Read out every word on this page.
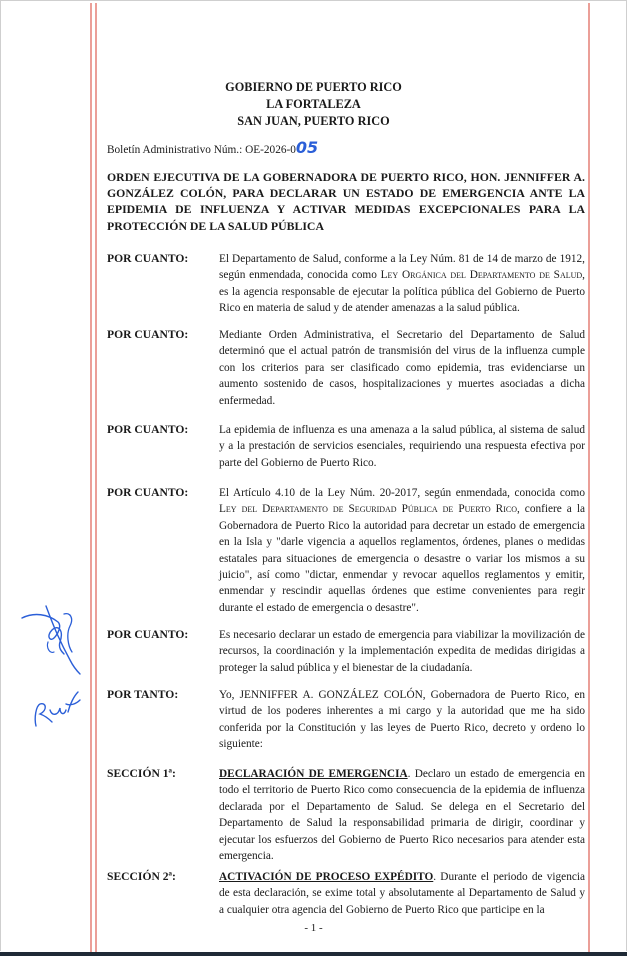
GOBIERNO DE PUERTO RICO
LA FORTALEZA
SAN JUAN, PUERTO RICO
Boletín Administrativo Núm.: OE-2026-005
ORDEN EJECUTIVA DE LA GOBERNADORA DE PUERTO RICO, HON. JENNIFFER A. GONZÁLEZ COLÓN, PARA DECLARAR UN ESTADO DE EMERGENCIA ANTE LA EPIDEMIA DE INFLUENZA Y ACTIVAR MEDIDAS EXCEPCIONALES PARA LA PROTECCIÓN DE LA SALUD PÚBLICA
POR CUANTO:	El Departamento de Salud, conforme a la Ley Núm. 81 de 14 de marzo de 1912, según enmendada, conocida como Ley Orgánica del Departamento de Salud, es la agencia responsable de ejecutar la política pública del Gobierno de Puerto Rico en materia de salud y de atender amenazas a la salud pública.
POR CUANTO:	Mediante Orden Administrativa, el Secretario del Departamento de Salud determinó que el actual patrón de transmisión del virus de la influenza cumple con los criterios para ser clasificado como epidemia, tras evidenciarse un aumento sostenido de casos, hospitalizaciones y muertes asociadas a dicha enfermedad.
POR CUANTO:	La epidemia de influenza es una amenaza a la salud pública, al sistema de salud y a la prestación de servicios esenciales, requiriendo una respuesta efectiva por parte del Gobierno de Puerto Rico.
POR CUANTO:	El Artículo 4.10 de la Ley Núm. 20-2017, según enmendada, conocida como Ley del Departamento de Seguridad Pública de Puerto Rico, confiere a la Gobernadora de Puerto Rico la autoridad para decretar un estado de emergencia en la Isla y "darle vigencia a aquellos reglamentos, órdenes, planes o medidas estatales para situaciones de emergencia o desastre o variar los mismos a su juicio", así como "dictar, enmendar y revocar aquellos reglamentos y emitir, enmendar y rescindir aquellas órdenes que estime convenientes para regir durante el estado de emergencia o desastre".
POR CUANTO:	Es necesario declarar un estado de emergencia para viabilizar la movilización de recursos, la coordinación y la implementación expedita de medidas dirigidas a proteger la salud pública y el bienestar de la ciudadanía.
POR TANTO:	Yo, JENNIFFER A. GONZÁLEZ COLÓN, Gobernadora de Puerto Rico, en virtud de los poderes inherentes a mi cargo y la autoridad que me ha sido conferida por la Constitución y las leyes de Puerto Rico, decreto y ordeno lo siguiente:
SECCIÓN 1ª:	DECLARACIÓN DE EMERGENCIA. Declaro un estado de emergencia en todo el territorio de Puerto Rico como consecuencia de la epidemia de influenza declarada por el Departamento de Salud. Se delega en el Secretario del Departamento de Salud la responsabilidad primaria de dirigir, coordinar y ejecutar los esfuerzos del Gobierno de Puerto Rico necesarios para atender esta emergencia.
SECCIÓN 2ª:	ACTIVACIÓN DE PROCESO EXPÉDITO. Durante el periodo de vigencia de esta declaración, se exime total y absolutamente al Departamento de Salud y a cualquier otra agencia del Gobierno de Puerto Rico que participe en la
- 1 -
